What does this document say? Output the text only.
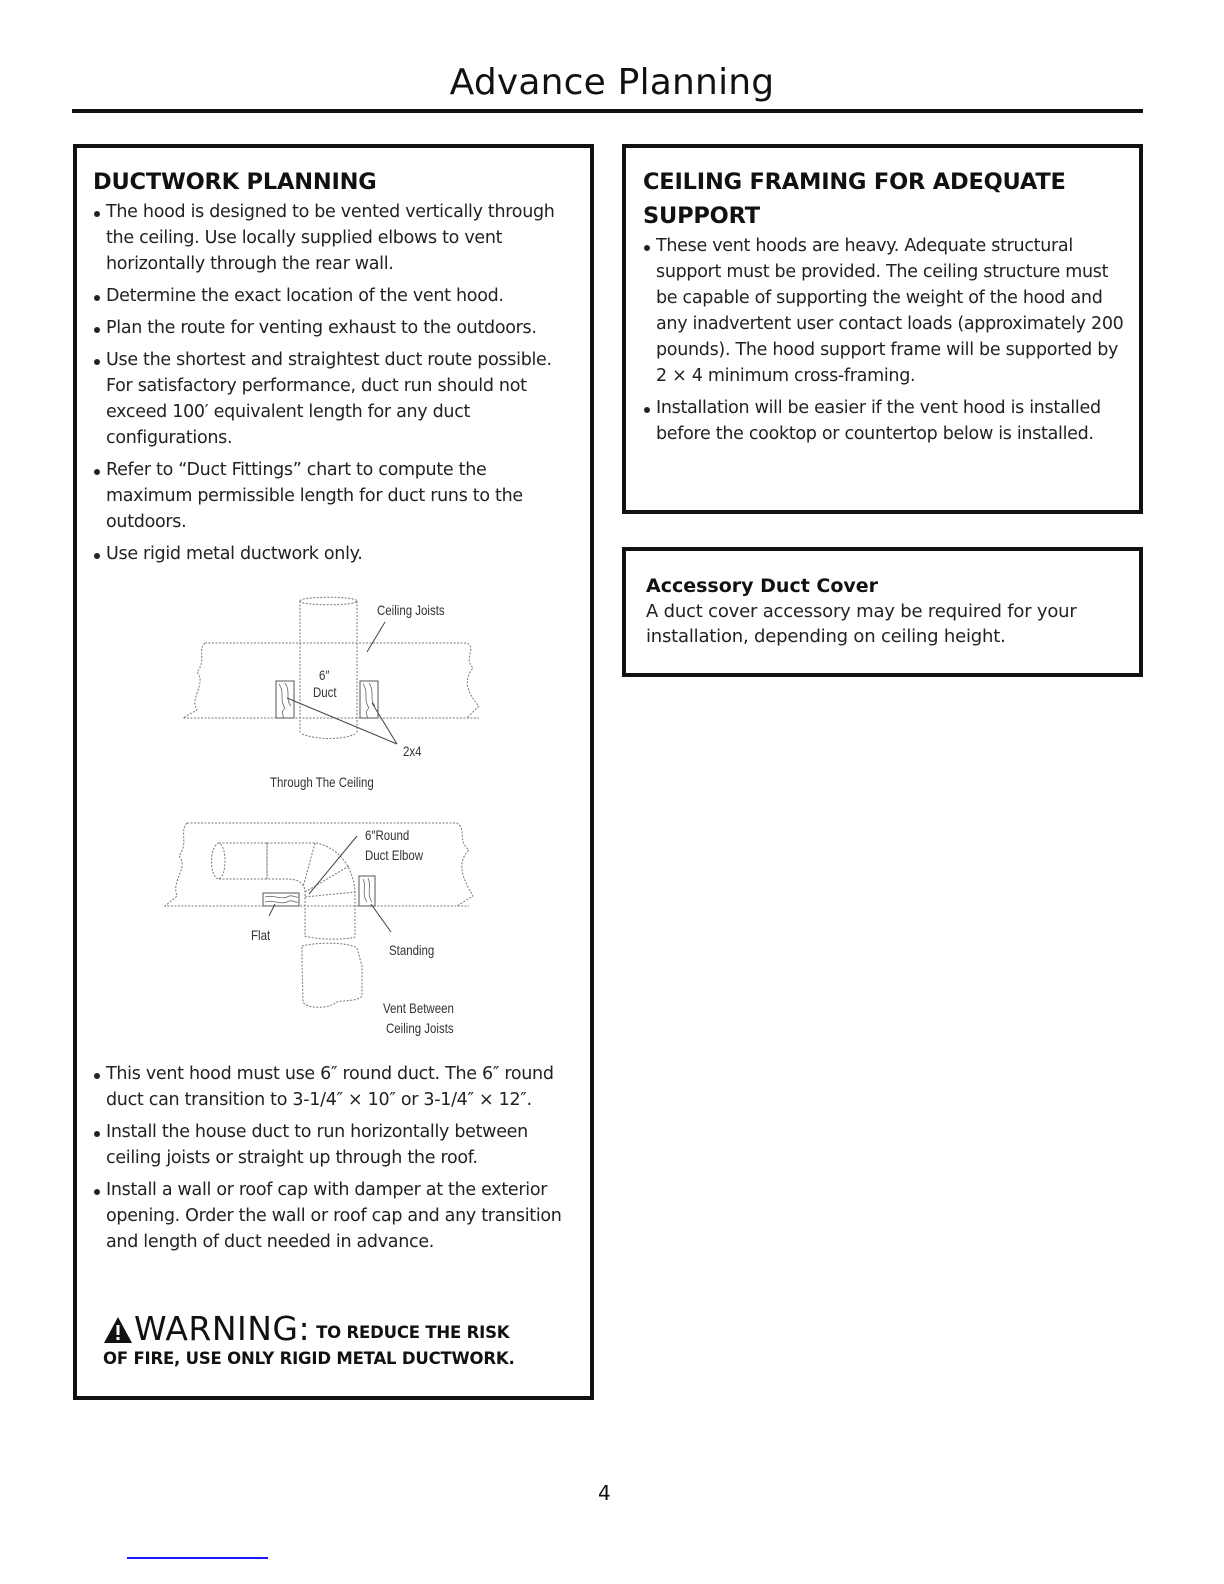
Advance Planning
DUCTWORK PLANNING
The hood is designed to be vented vertically through the ceiling. Use locally supplied elbows to vent horizontally through the rear wall.
Determine the exact location of the vent hood.
Plan the route for venting exhaust to the outdoors.
Use the shortest and straightest duct route possible. For satisfactory performance, duct run should not exceed 100′ equivalent length for any duct configurations.
Refer to “Duct Fittings” chart to compute the maximum permissible length for duct runs to the outdoors.
Use rigid metal ductwork only.
Ceiling Joists
6″
Duct
2x4
Through The Ceiling
6″Round
Duct Elbow
Flat
Standing
Vent Between
Ceiling Joists
This vent hood must use 6″ round duct. The 6″ round duct can transition to 3-1/4″ × 10″ or 3-1/4″ × 12″.
Install the house duct to run horizontally between ceiling joists or straight up through the roof.
Install a wall or roof cap with damper at the exterior opening. Order the wall or roof cap and any transition and length of duct needed in advance.
WARNING: TO REDUCE THE RISK
OF FIRE, USE ONLY RIGID METAL DUCTWORK.
CEILING FRAMING FOR ADEQUATE SUPPORT
These vent hoods are heavy. Adequate structural support must be provided. The ceiling structure must be capable of supporting the weight of the hood and any inadvertent user contact loads (approximately 200 pounds). The hood support frame will be supported by 2 × 4 minimum cross-framing.
Installation will be easier if the vent hood is installed before the cooktop or countertop below is installed.
Accessory Duct Cover

A duct cover accessory may be required for your installation, depending on ceiling height.

4
